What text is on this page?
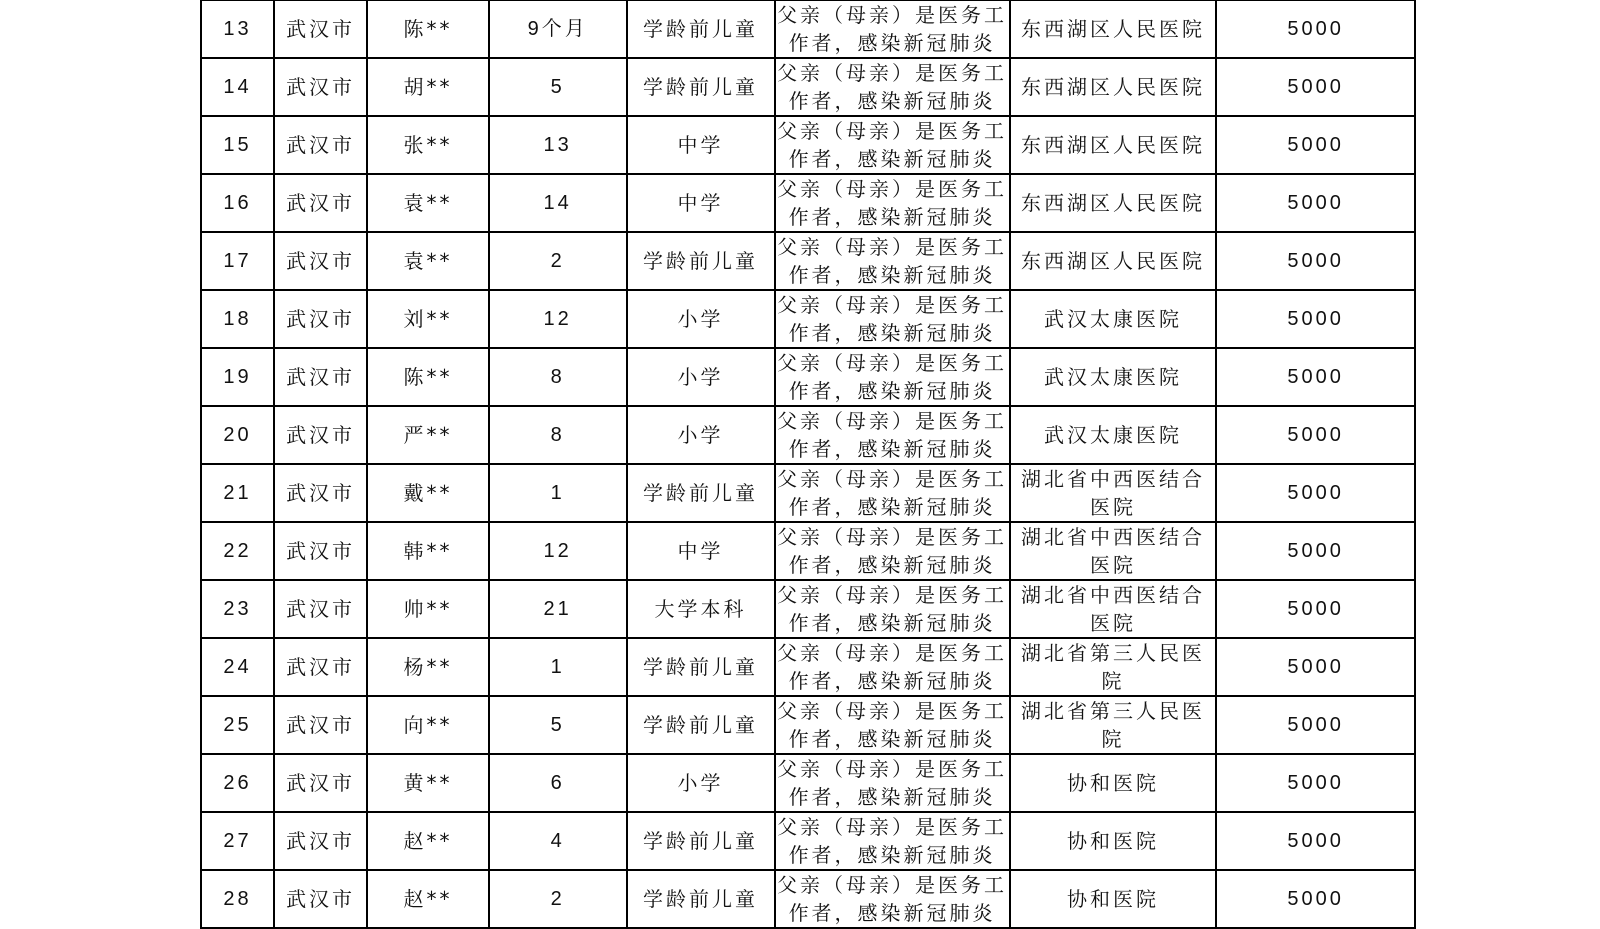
13	武汉市	陈**	9个月	学龄前儿童	父亲（母亲）是医务工作者，感染新冠肺炎	东西湖区人民医院	5000
14	武汉市	胡**	5	学龄前儿童	父亲（母亲）是医务工作者，感染新冠肺炎	东西湖区人民医院	5000
15	武汉市	张**	13	中学	父亲（母亲）是医务工作者，感染新冠肺炎	东西湖区人民医院	5000
16	武汉市	袁**	14	中学	父亲（母亲）是医务工作者，感染新冠肺炎	东西湖区人民医院	5000
17	武汉市	袁**	2	学龄前儿童	父亲（母亲）是医务工作者，感染新冠肺炎	东西湖区人民医院	5000
18	武汉市	刘**	12	小学	父亲（母亲）是医务工作者，感染新冠肺炎	武汉太康医院	5000
19	武汉市	陈**	8	小学	父亲（母亲）是医务工作者，感染新冠肺炎	武汉太康医院	5000
20	武汉市	严**	8	小学	父亲（母亲）是医务工作者，感染新冠肺炎	武汉太康医院	5000
21	武汉市	戴**	1	学龄前儿童	父亲（母亲）是医务工作者，感染新冠肺炎	湖北省中西医结合医院	5000
22	武汉市	韩**	12	中学	父亲（母亲）是医务工作者，感染新冠肺炎	湖北省中西医结合医院	5000
23	武汉市	帅**	21	大学本科	父亲（母亲）是医务工作者，感染新冠肺炎	湖北省中西医结合医院	5000
24	武汉市	杨**	1	学龄前儿童	父亲（母亲）是医务工作者，感染新冠肺炎	湖北省第三人民医院	5000
25	武汉市	向**	5	学龄前儿童	父亲（母亲）是医务工作者，感染新冠肺炎	湖北省第三人民医院	5000
26	武汉市	黄**	6	小学	父亲（母亲）是医务工作者，感染新冠肺炎	协和医院	5000
27	武汉市	赵**	4	学龄前儿童	父亲（母亲）是医务工作者，感染新冠肺炎	协和医院	5000
28	武汉市	赵**	2	学龄前儿童	父亲（母亲）是医务工作者，感染新冠肺炎	协和医院	5000
